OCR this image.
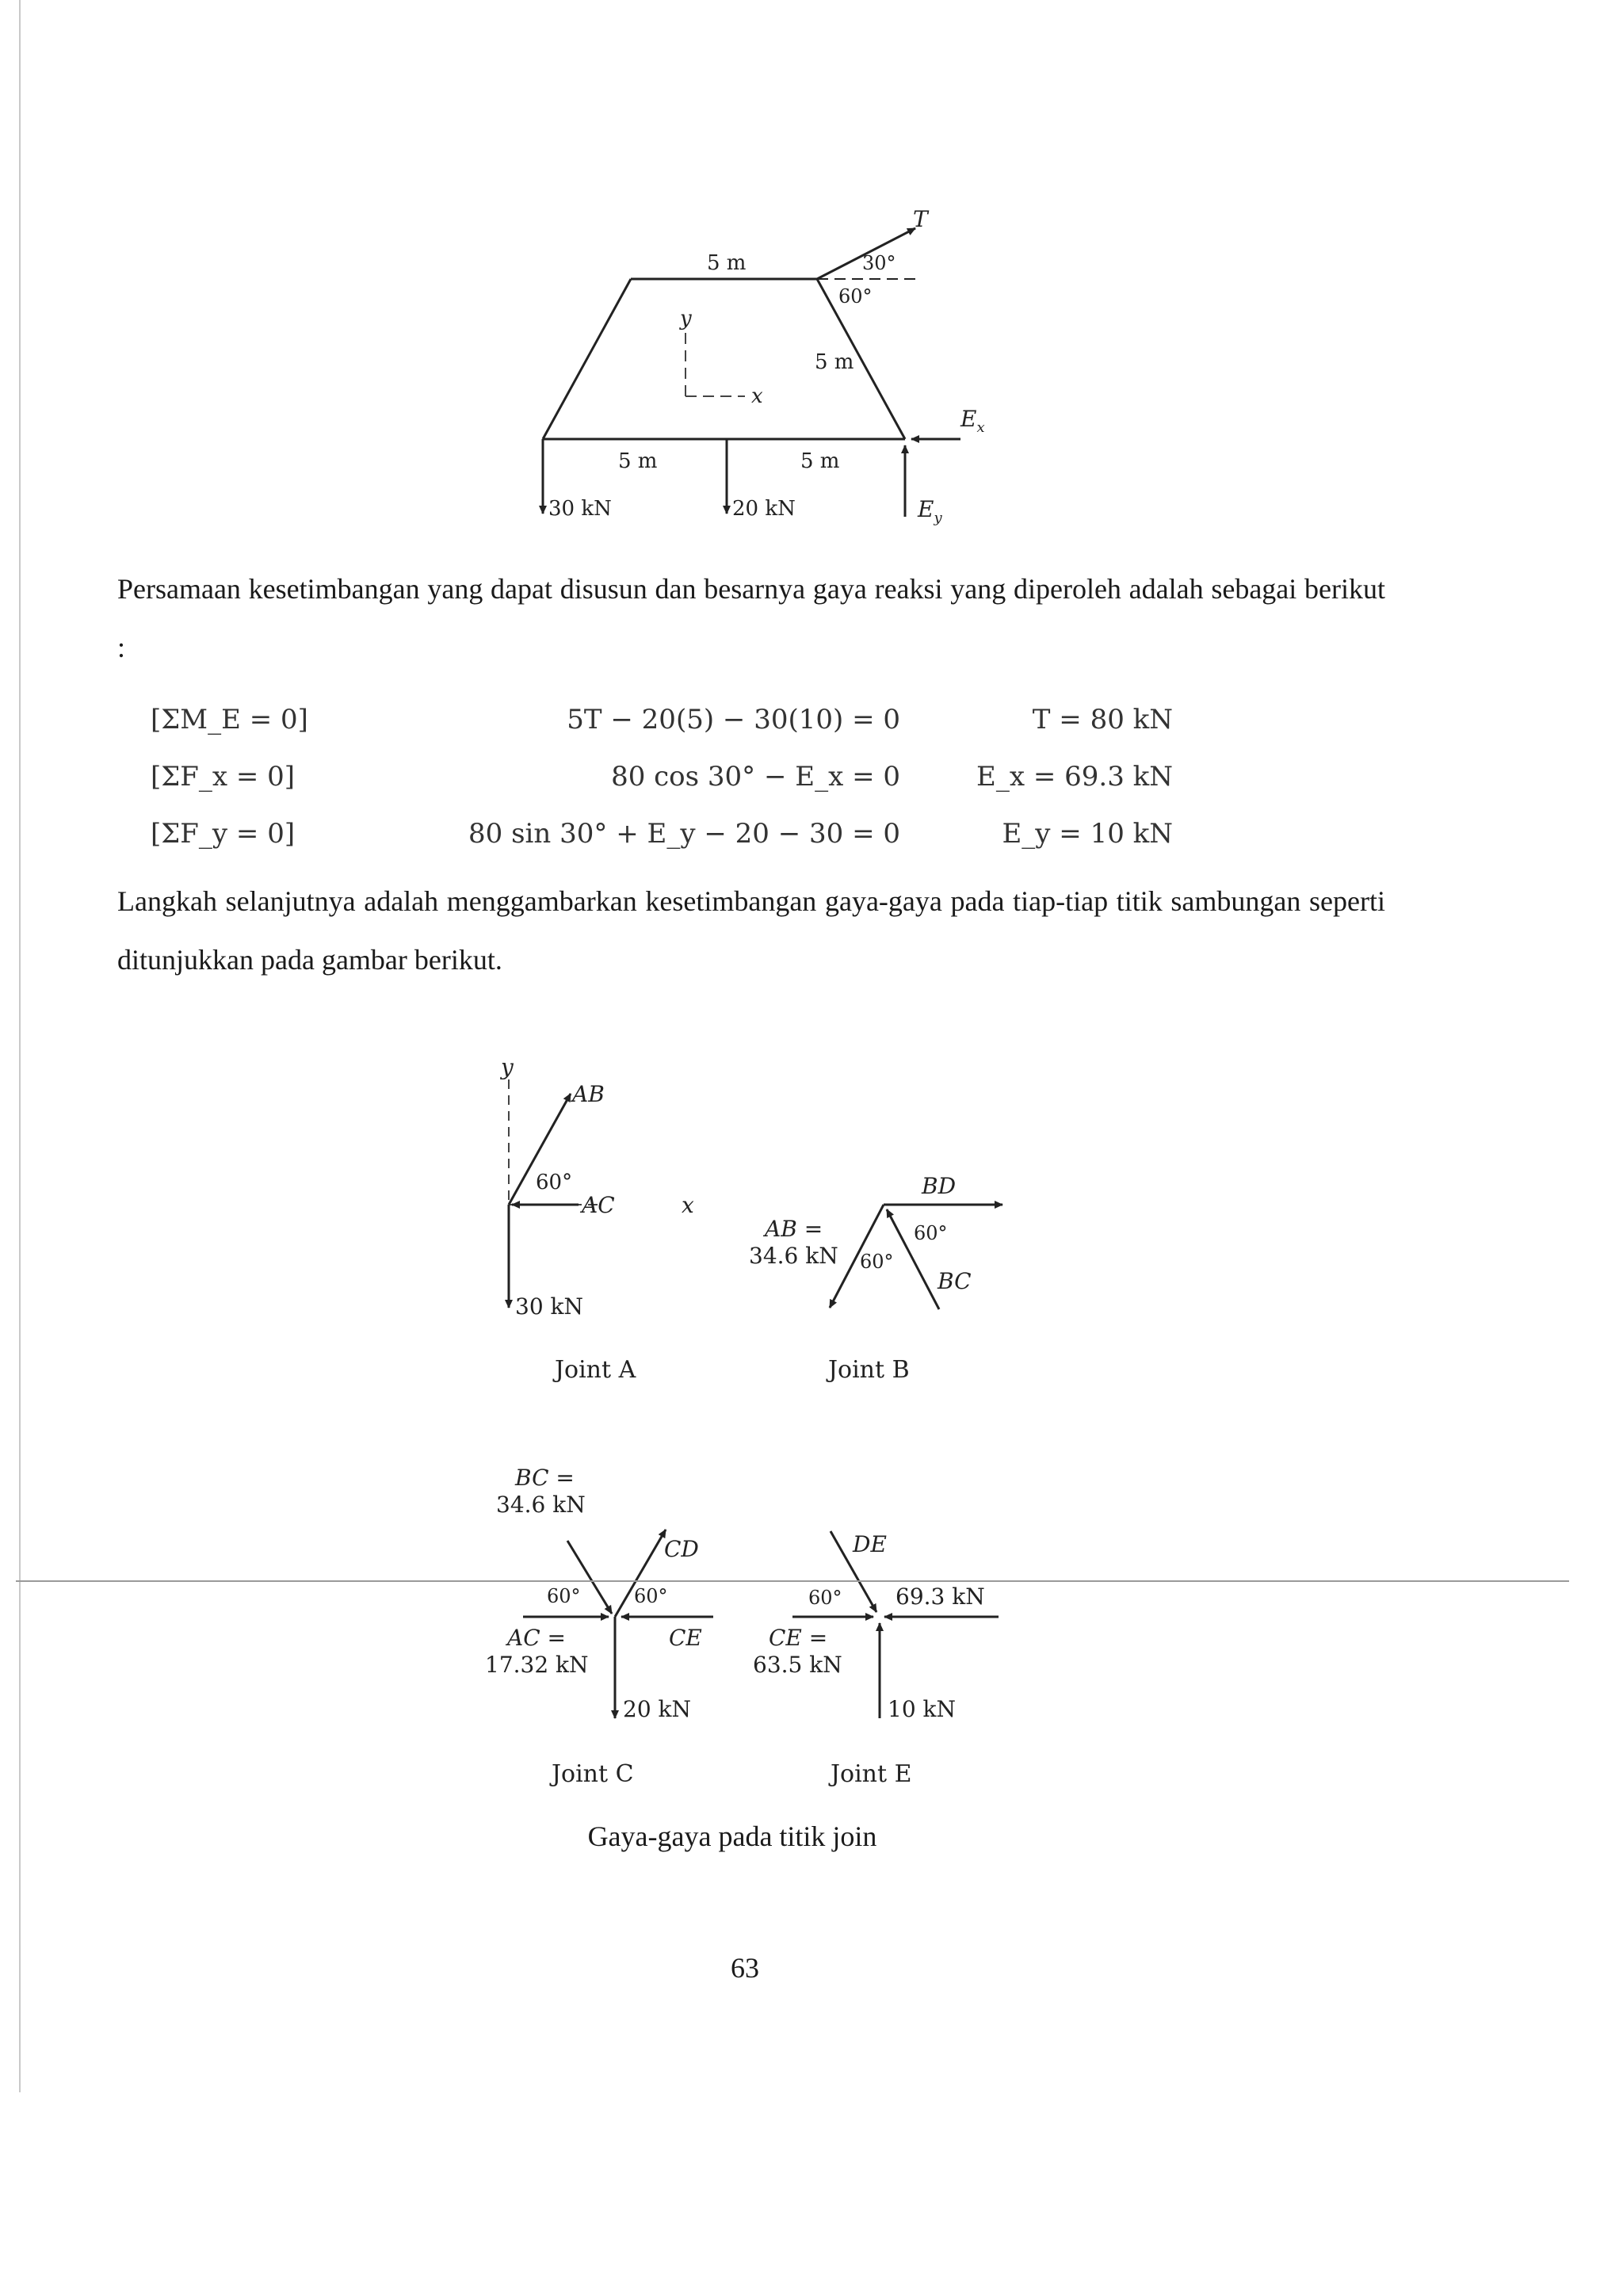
5 m
5 m
5 m	5 m
30 kN	20 kN
30°
60°
T
y
x
$E_x$
$E_y$
Persamaan kesetimbangan yang dapat disusun dan besarnya gaya reaksi yang diperoleh adalah sebagai berikut :
[ΣM_E = 0]	5T − 20(5) − 30(10) = 0	T = 80 kN
[ΣF_x = 0]	80 cos 30° − E_x = 0	E_x = 69.3 kN
[ΣF_y = 0]	80 sin 30° + E_y − 20 − 30 = 0	E_y = 10 kN
Langkah selanjutnya adalah menggambarkan kesetimbangan gaya-gaya pada tiap-tiap titik sambungan seperti ditunjukkan pada gambar berikut.
y
AB
60°
AC	x
30 kN
Joint A
BD
AB =
34.6 kN 60°
60°
BC
Joint B
BC =
34.6 kN
CD
60°	60°
AC =
17.32 kN
CE
20 kN
Joint C
DE
60° 69.3 kN
CE =
63.5 kN
10 kN
Joint E
Gaya-gaya pada titik join
63
